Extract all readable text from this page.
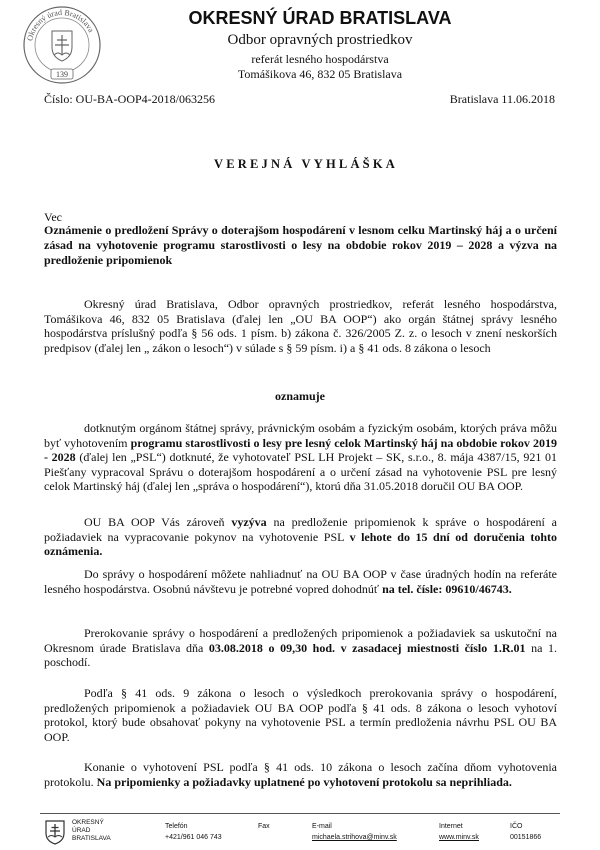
Okresný úrad Bratislava
139
OKRESNÝ ÚRAD BRATISLAVA
Odbor opravných prostriedkov
referát lesného hospodárstva
Tomášikova 46, 832 05 Bratislava
Číslo: OU-BA-OOP4-2018/063256	Bratislava 11.06.2018
VEREJNÁ VYHLÁŠKA
Vec
Oznámenie o predložení Správy o doterajšom hospodárení v lesnom celku Martinský háj a o určení zásad na vyhotovenie programu starostlivosti o lesy na obdobie rokov 2019 – 2028 a výzva na predloženie pripomienok
Okresný úrad Bratislava, Odbor opravných prostriedkov, referát lesného hospodárstva, Tomášikova 46, 832 05 Bratislava (ďalej len „OU BA OOP“) ako orgán štátnej správy lesného hospodárstva príslušný podľa § 56 ods. 1 písm. b) zákona č. 326/2005 Z. z. o lesoch v znení neskorších predpisov (ďalej len „ zákon o lesoch“) v súlade s § 59 písm. i) a § 41 ods. 8 zákona o lesoch
oznamuje
dotknutým orgánom štátnej správy, právnickým osobám a fyzickým osobám, ktorých práva môžu byť vyhotovením programu starostlivosti o lesy pre lesný celok Martinský háj na obdobie rokov 2019 - 2028 (ďalej len „PSL“) dotknuté, že vyhotovateľ PSL LH Projekt – SK, s.r.o., 8. mája 4387/15, 921 01 Piešťany vypracoval Správu o doterajšom hospodárení a o určení zásad na vyhotovenie PSL pre lesný celok Martinský háj (ďalej len „správa o hospodárení“), ktorú dňa 31.05.2018 doručil OU BA OOP.
OU BA OOP Vás zároveň vyzýva na predloženie pripomienok k správe o hospodárení a požiadaviek na vypracovanie pokynov na vyhotovenie PSL v lehote do 15 dní od doručenia tohto oznámenia.
Do správy o hospodárení môžete nahliadnuť na OU BA OOP v čase úradných hodín na referáte lesného hospodárstva. Osobnú návštevu je potrebné vopred dohodnúť na tel. čísle: 09610/46743.
Prerokovanie správy o hospodárení a predložených pripomienok a požiadaviek sa uskutoční na Okresnom úrade Bratislava dňa 03.08.2018 o 09,30 hod. v zasadacej miestnosti číslo 1.R.01 na 1. poschodí.
Podľa § 41 ods. 9 zákona o lesoch o výsledkoch prerokovania správy o hospodárení, predložených pripomienok a požiadaviek OU BA OOP podľa § 41 ods. 8 zákona o lesoch vyhotoví protokol, ktorý bude obsahovať pokyny na vyhotovenie PSL a termín predloženia návrhu PSL OU BA OOP.
Konanie o vyhotovení PSL podľa § 41 ods. 10 zákona o lesoch začína dňom vyhotovenia protokolu. Na pripomienky a požiadavky uplatnené po vyhotovení protokolu sa neprihliada.
OKRESNÝ
ÚRAD
BRATISLAVA
Telefón
+421/961 046 743
Fax	E-mail
michaela.strihova@minv.sk
Internet
www.minv.sk
IČO
00151866
